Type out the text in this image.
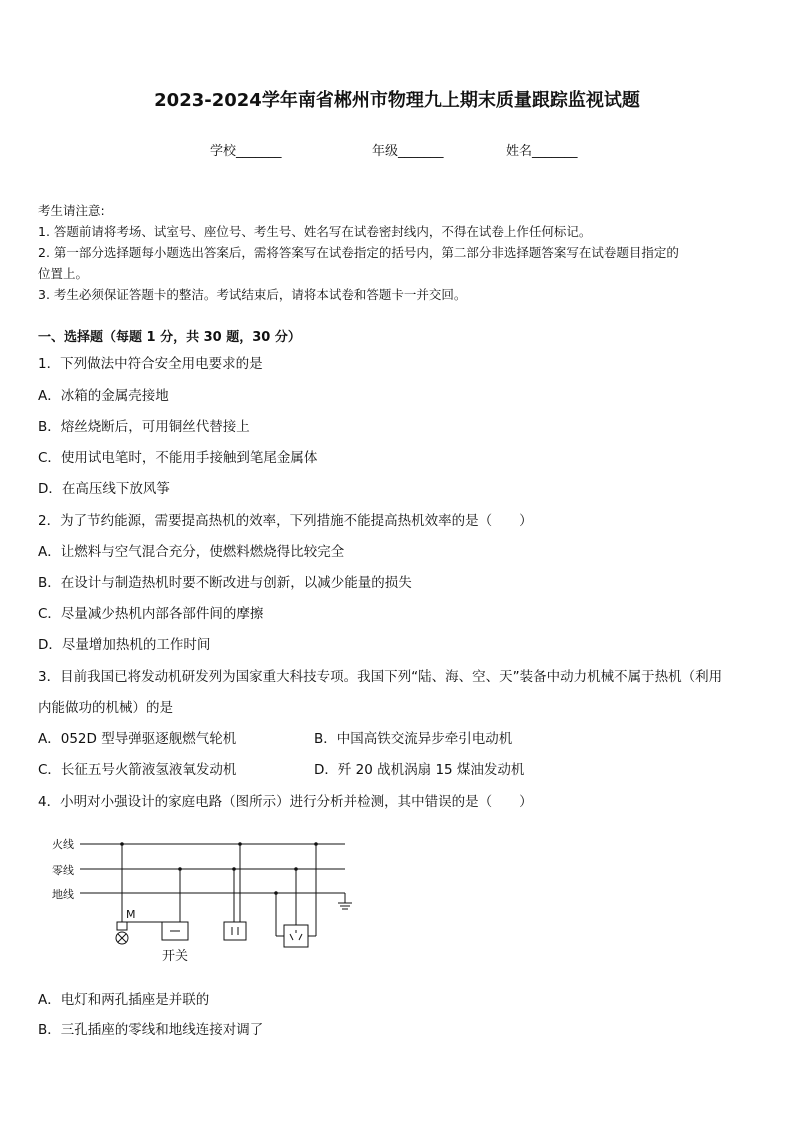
2023-2024学年南省郴州市物理九上期末质量跟踪监视试题
学校_______	年级_______	姓名_______
考生请注意:
1. 答题前请将考场、试室号、座位号、考生号、姓名写在试卷密封线内，不得在试卷上作任何标记。
2. 第一部分选择题每小题选出答案后，需将答案写在试卷指定的括号内，第二部分非选择题答案写在试卷题目指定的
位置上。
3. 考生必须保证答题卡的整洁。考试结束后，请将本试卷和答题卡一并交回。
一、选择题（每题 1 分，共 30 题，30 分）
1．下列做法中符合安全用电要求的是
A．冰箱的金属壳接地
B．熔丝烧断后，可用铜丝代替接上
C．使用试电笔时，不能用手接触到笔尾金属体
D．在高压线下放风筝
2．为了节约能源，需要提高热机的效率，下列措施不能提高热机效率的是（　　）
A．让燃料与空气混合充分，使燃料燃烧得比较完全
B．在设计与制造热机时要不断改进与创新，以减少能量的损失
C．尽量减少热机内部各部件间的摩擦
D．尽量增加热机的工作时间
3．目前我国已将发动机研发列为国家重大科技专项。我国下列“陆、海、空、天”装备中动力机械不属于热机（利用
内能做功的机械）的是
A．052D 型导弹驱逐舰燃气轮机	B．中国高铁交流异步牵引电动机
C．长征五号火箭液氢液氧发动机	D．歼 20 战机涡扇 15 煤油发动机
4．小明对小强设计的家庭电路（图所示）进行分析并检测，其中错误的是（　　）
火线
零线
地线
M
开关
A．电灯和两孔插座是并联的
B．三孔插座的零线和地线连接对调了
